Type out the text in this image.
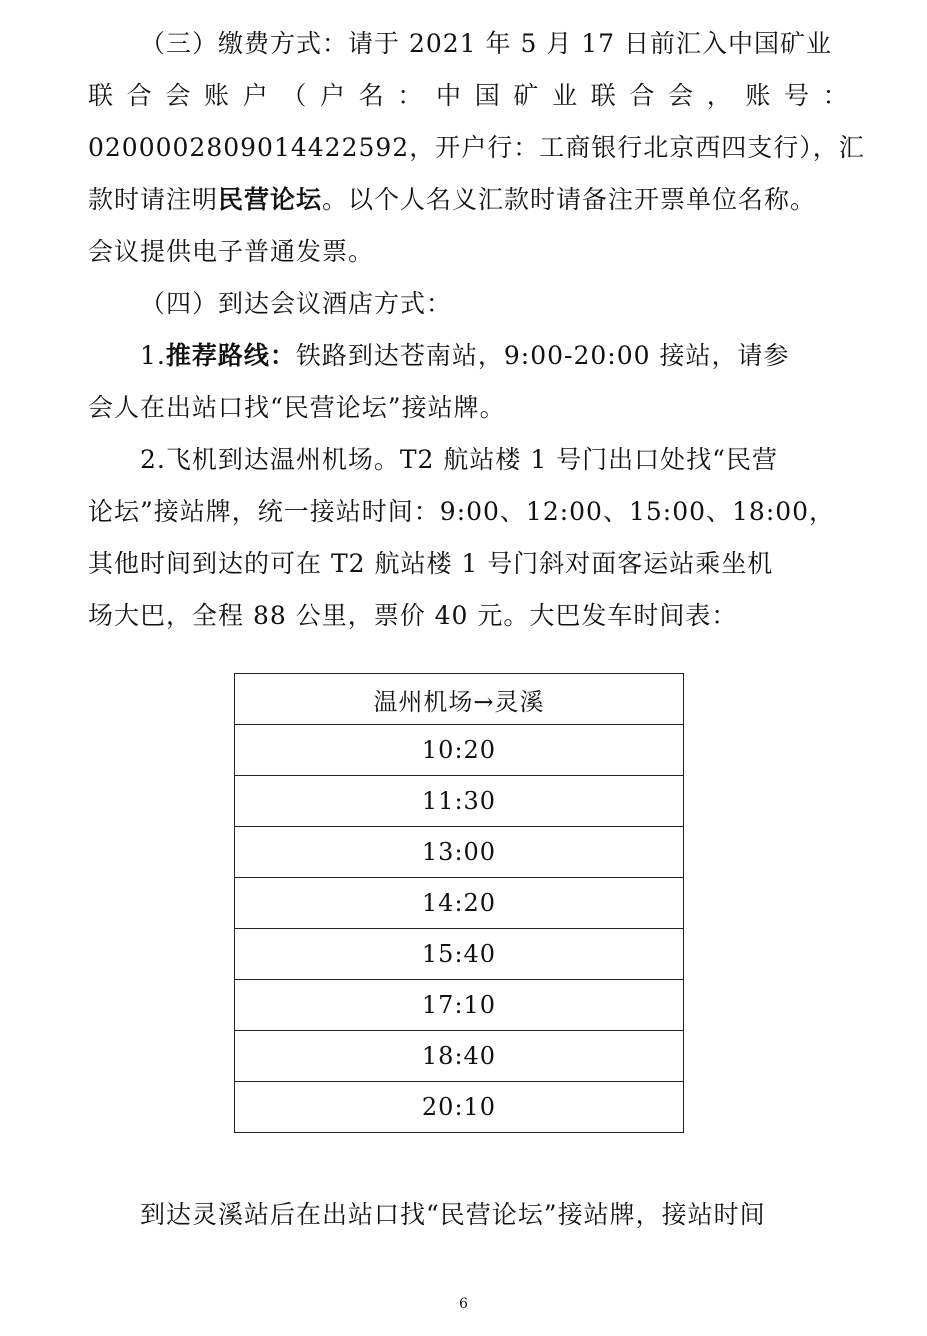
（三）缴费方式：请于 2021 年 5 月 17 日前汇入中国矿业
联 合 会 账 户 （ 户 名 ： 中 国 矿 业 联 合 会 ， 账 号 ：
0200002809014422592，开户行：工商银行北京西四支行），汇
款时请注明民营论坛。以个人名义汇款时请备注开票单位名称。
会议提供电子普通发票。
（四）到达会议酒店方式：
1.推荐路线：铁路到达苍南站，9:00-20:00 接站，请参
会人在出站口找“民营论坛”接站牌。
2.飞机到达温州机场。T2 航站楼 1 号门出口处找“民营
论坛”接站牌，统一接站时间：9:00、12:00、15:00、18:00，
其他时间到达的可在 T2 航站楼 1 号门斜对面客运站乘坐机
场大巴，全程 88 公里，票价 40 元。大巴发车时间表：
温州机场→灵溪
10:20
11:30
13:00
14:20
15:40
17:10
18:40
20:10
到达灵溪站后在出站口找“民营论坛”接站牌，接站时间
6
